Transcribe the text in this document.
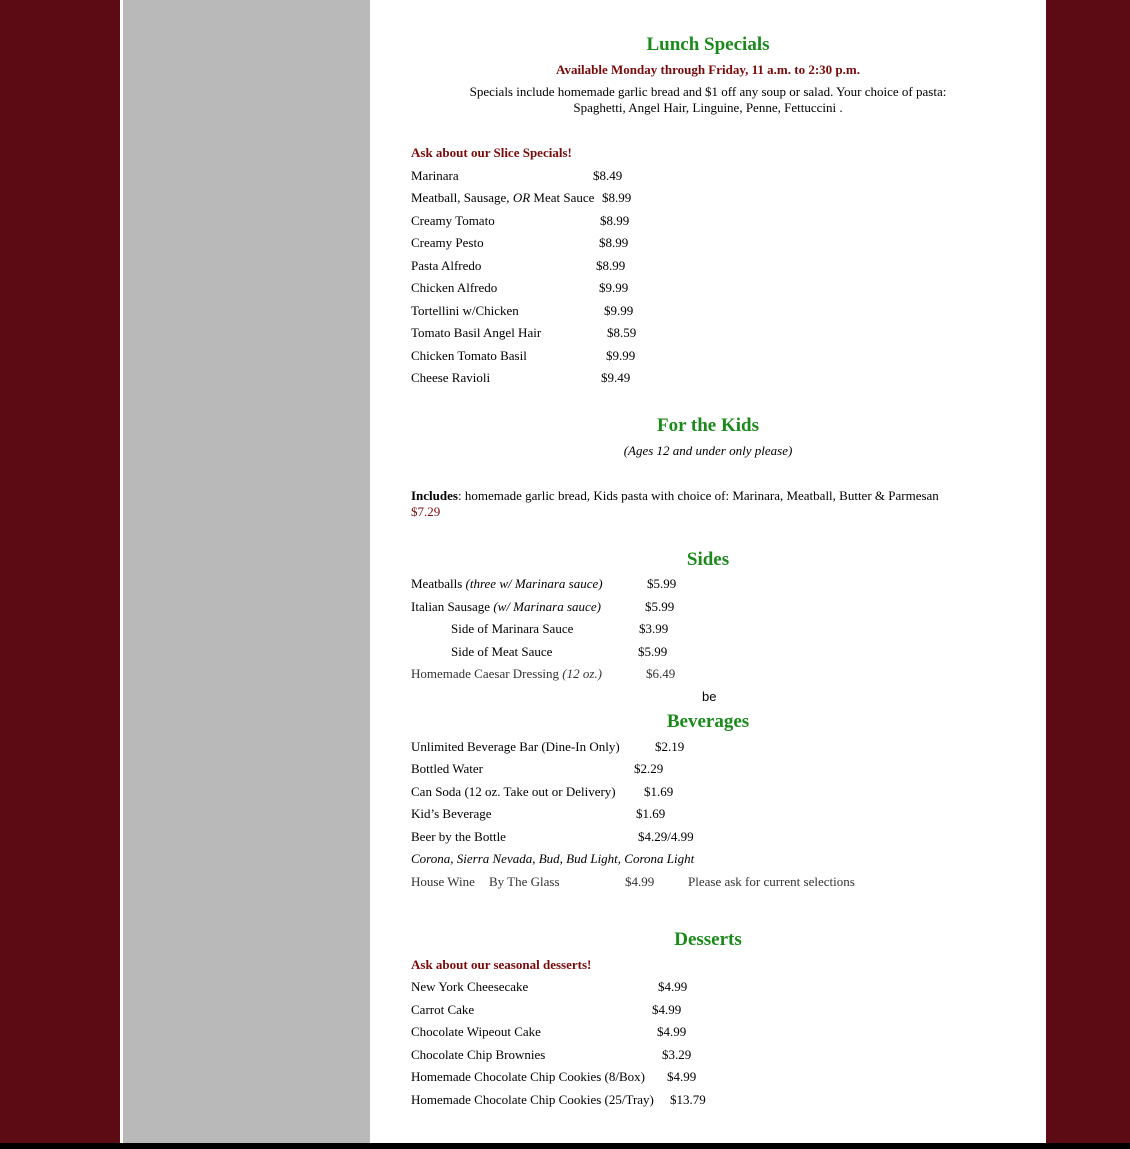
Lunch Specials
Available Monday through Friday, 11 a.m. to 2:30 p.m.
Specials include homemade garlic bread and $1 off any soup or salad. Your choice of pasta:
Spaghetti, Angel Hair, Linguine, Penne, Fettuccini .
Ask about our Slice Specials!
Marinara	$8.49
Meatball, Sausage, OR Meat Sauce $8.99
Creamy Tomato	$8.99
Creamy Pesto	$8.99
Pasta Alfredo	$8.99
Chicken Alfredo	$9.99
Tortellini w/Chicken	$9.99
Tomato Basil Angel Hair	$8.59
Chicken Tomato Basil	$9.99
Cheese Ravioli	$9.49
For the Kids
(Ages 12 and under only please)
Includes: homemade garlic bread, Kids pasta with choice of: Marinara, Meatball, Butter & Parmesan
$7.29
Sides
Meatballs (three w/ Marinara sauce)	$5.99
Italian Sausage (w/ Marinara sauce)	$5.99
Side of Marinara Sauce	$3.99
Side of Meat Sauce	$5.99
Homemade Caesar Dressing (12 oz.)	$6.49
be
Beverages
Unlimited Beverage Bar (Dine-In Only)	$2.19
Bottled Water	$2.29
Can Soda (12 oz. Take out or Delivery) $1.69
Kid’s Beverage	$1.69
Beer by the Bottle	$4.29/4.99
Corona, Sierra Nevada, Bud, Bud Light, Corona Light
House Wine By The Glass	$4.99	Please ask for current selections
Desserts
Ask about our seasonal desserts!
New York Cheesecake	$4.99
Carrot Cake	$4.99
Chocolate Wipeout Cake	$4.99
Chocolate Chip Brownies	$3.29
Homemade Chocolate Chip Cookies (8/Box) $4.99
Homemade Chocolate Chip Cookies (25/Tray) $13.79
